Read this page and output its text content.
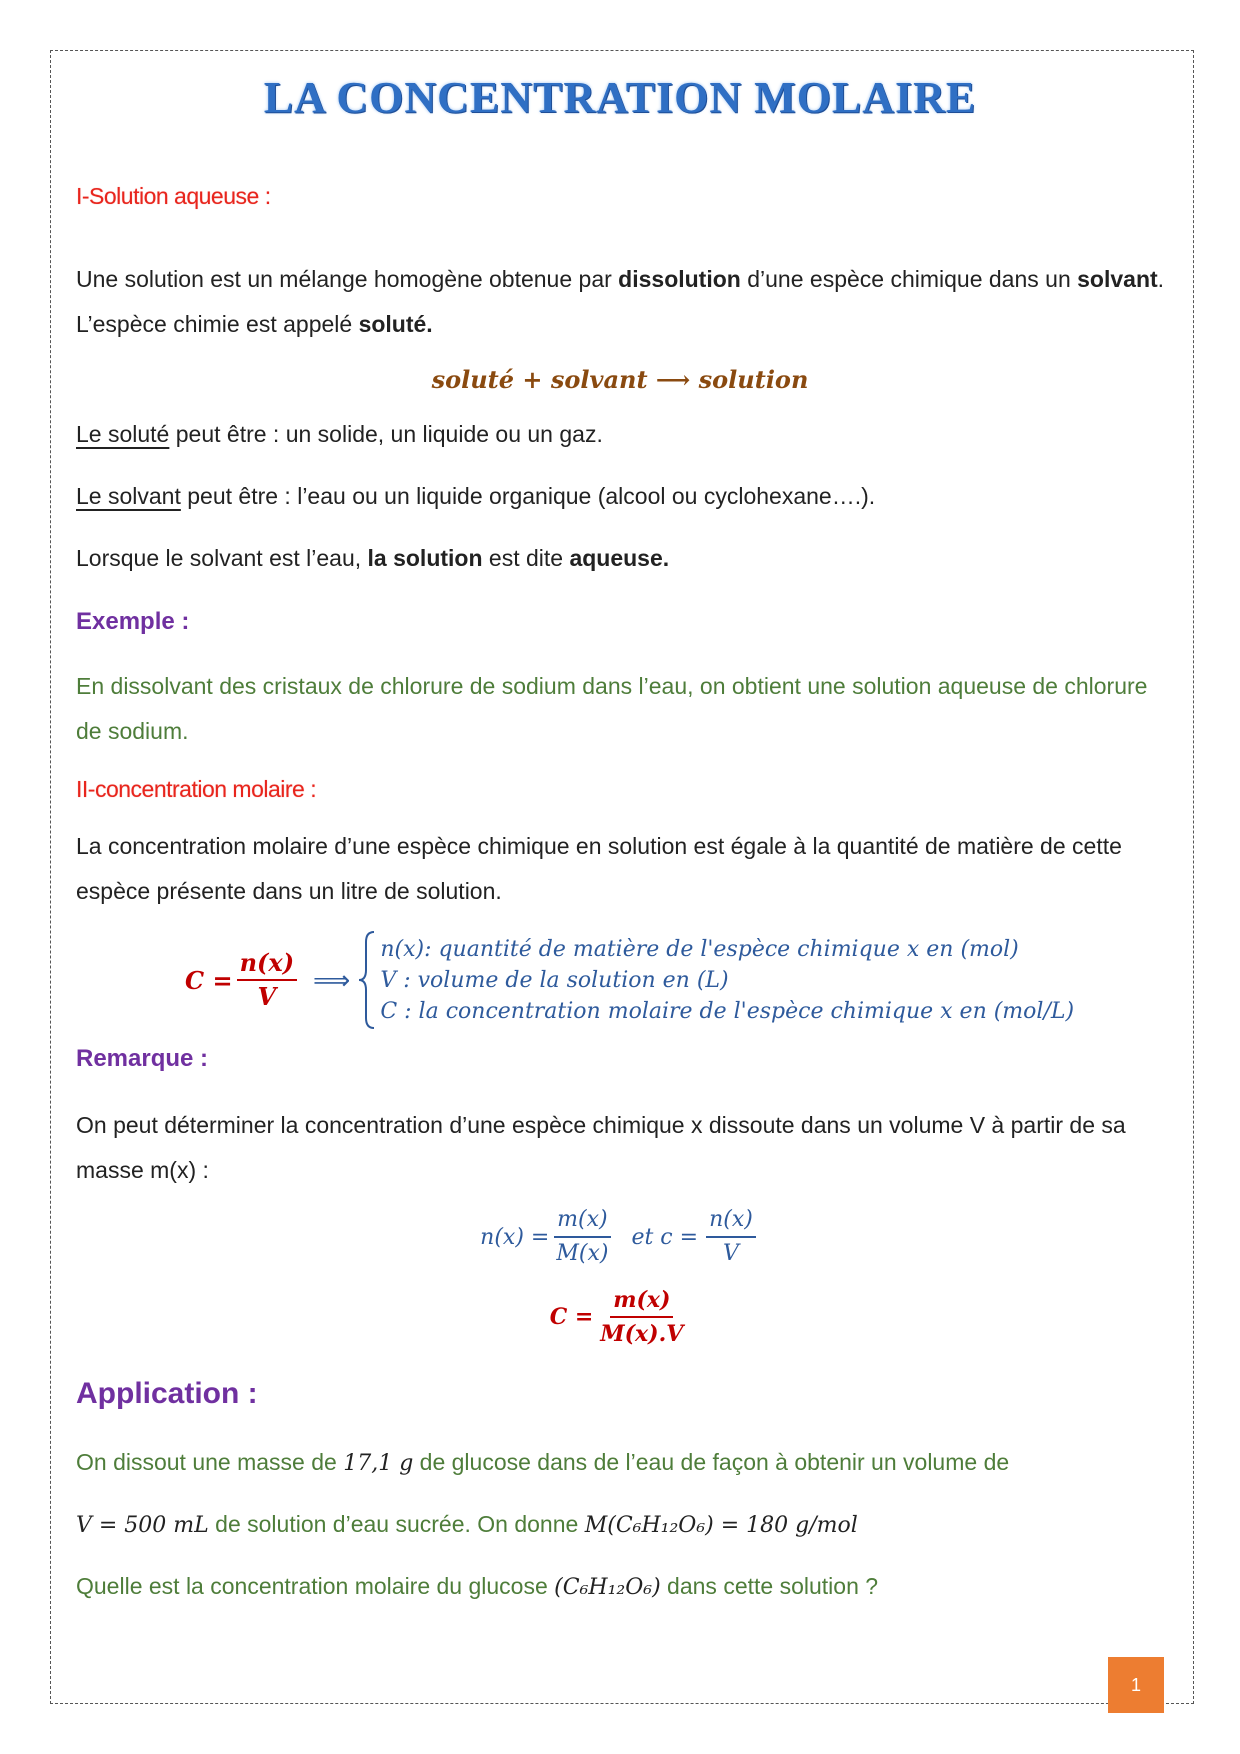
LA CONCENTRATION MOLAIRE
I-Solution aqueuse :
Une solution est un mélange homogène obtenue par dissolution d’une espèce chimique dans un solvant. L’espèce chimie est appelé soluté.
soluté + solvant ⟶ solution
Le soluté peut être : un solide, un liquide ou un gaz.
Le solvant peut être : l’eau ou un liquide organique (alcool ou cyclohexane….).
Lorsque le solvant est l’eau, la solution est dite aqueuse.
Exemple :
En dissolvant des cristaux de chlorure de sodium dans l’eau, on obtient une solution aqueuse de chlorure de sodium.
II-concentration molaire :
La concentration molaire d’une espèce chimique en solution est égale à la quantité de matière de cette espèce présente dans un litre de solution.
$C = \frac{n(x)}{V}$ ⟹
n(x): quantité de matière de l'espèce chimique x en (mol)
V : volume de la solution en (L)
C : la concentration molaire de l'espèce chimique x en (mol/L)
Remarque :
On peut déterminer la concentration d’une espèce chimique x dissoute dans un volume V à partir de sa masse m(x) :
$n(x) = \frac{m(x)}{M(x)}$ et $c = \frac{n(x)}{V}$
$C = \frac{m(x)}{M(x).V}$
Application :
On dissout une masse de 17,1 g de glucose dans de l’eau de façon à obtenir un volume de
V = 500 mL de solution d’eau sucrée. On donne M(C₆H₁₂O₆) = 180 g/mol
Quelle est la concentration molaire du glucose (C₆H₁₂O₆) dans cette solution ?
1
